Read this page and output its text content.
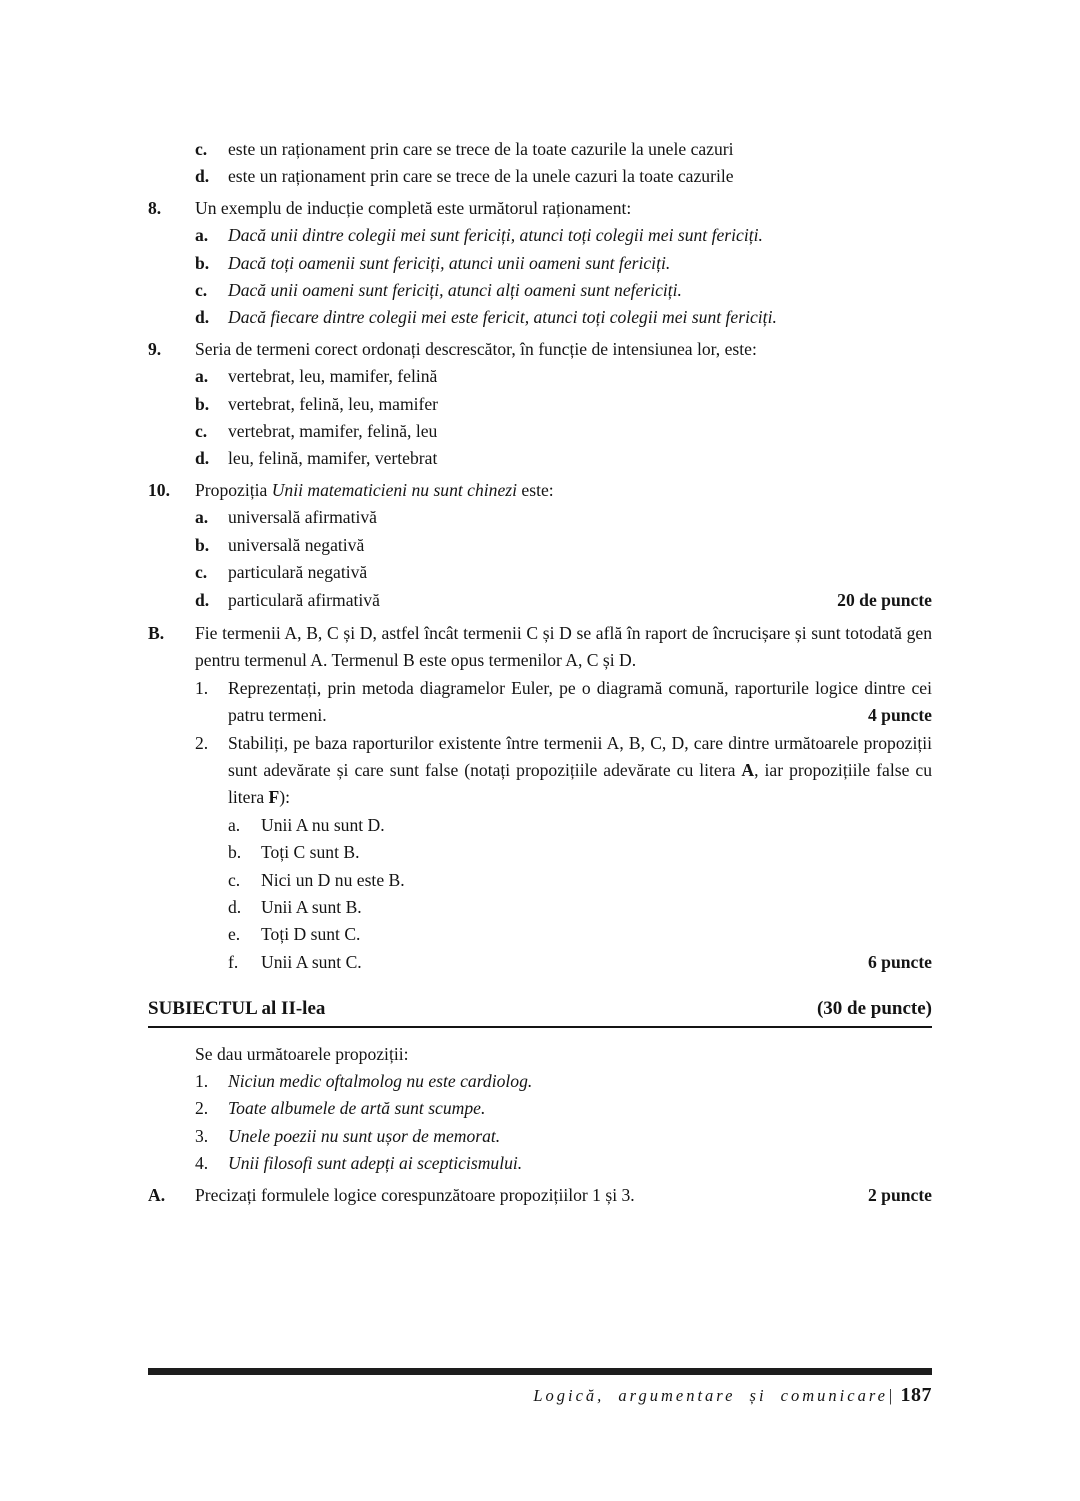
c.	este un raționament prin care se trece de la toate cazurile la unele cazuri
d.	este un raționament prin care se trece de la unele cazuri la toate cazurile
8.	Un exemplu de inducție completă este următorul raționament:
a.	Dacă unii dintre colegii mei sunt fericiți, atunci toți colegii mei sunt fericiți.
b.	Dacă toți oamenii sunt fericiți, atunci unii oameni sunt fericiți.
c.	Dacă unii oameni sunt fericiți, atunci alți oameni sunt nefericiți.
d.	Dacă fiecare dintre colegii mei este fericit, atunci toți colegii mei sunt fericiți.
9.	Seria de termeni corect ordonați descrescător, în funcție de intensiunea lor, este:
a.	vertebrat, leu, mamifer, felină
b.	vertebrat, felină, leu, mamifer
c.	vertebrat, mamifer, felină, leu
d.	leu, felină, mamifer, vertebrat
10.	Propoziția Unii matematicieni nu sunt chinezi este:
a.	universală afirmativă
b.	universală negativă
c.	particulară negativă
d.	particulară afirmativă	20 de puncte
B.	Fie termenii A, B, C și D, astfel încât termenii C și D se află în raport de încrucișare și sunt totodată gen pentru termenul A. Termenul B este opus termenilor A, C și D.
1.	Reprezentați, prin metoda diagramelor Euler, pe o diagramă comună, raporturile logice dintre cei patru termeni.	4 puncte
2.	Stabiliți, pe baza raporturilor existente între termenii A, B, C, D, care dintre următoarele propoziții sunt adevărate și care sunt false (notați propozițiile adevărate cu litera A, iar propozițiile false cu litera F):
a.	Unii A nu sunt D.
b.	Toți C sunt B.
c.	Nici un D nu este B.
d.	Unii A sunt B.
e.	Toți D sunt C.
f.	Unii A sunt C.	6 puncte
SUBIECTUL al II-lea	(30 de puncte)
Se dau următoarele propoziții:
1.	Niciun medic oftalmolog nu este cardiolog.
2.	Toate albumele de artă sunt scumpe.
3.	Unele poezii nu sunt ușor de memorat.
4.	Unii filosofi sunt adepți ai scepticismului.
A.	Precizați formulele logice corespunzătoare propozițiilor 1 și 3.	2 puncte
Logică, argumentare și comunicare| 187
